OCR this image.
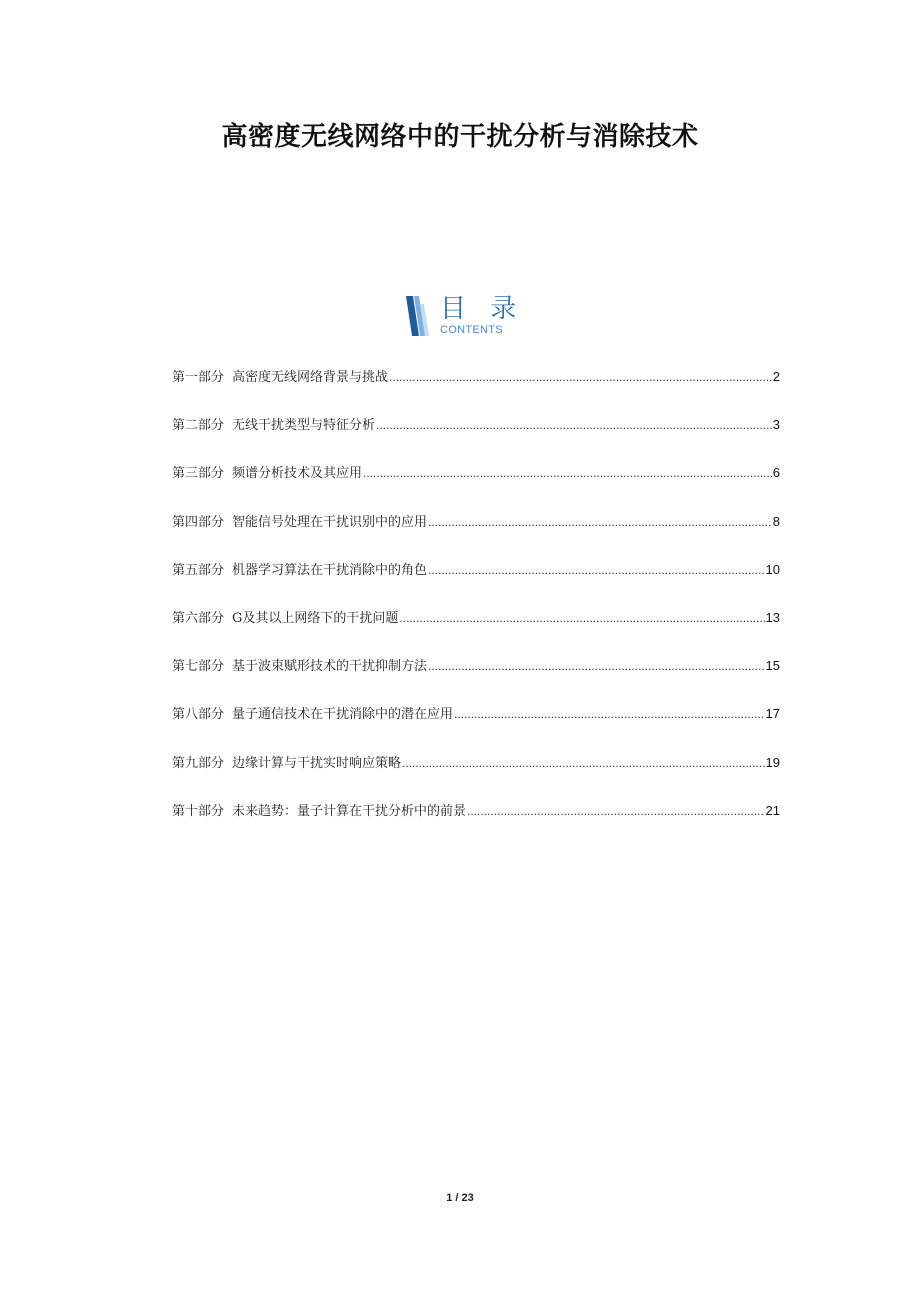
高密度无线网络中的干扰分析与消除技术
目 录
CONTENTS
第一部分 高密度无线网络背景与挑战 .....	2
第二部分 无线干扰类型与特征分析 .....	3
第三部分 频谱分析技术及其应用 .....	6
第四部分 智能信号处理在干扰识别中的应用 .....	8
第五部分 机器学习算法在干扰消除中的角色 .....	10
第六部分 G及其以上网络下的干扰问题 .....	13
第七部分 基于波束赋形技术的干扰抑制方法 .....	15
第八部分 量子通信技术在干扰消除中的潜在应用 .....	17
第九部分 边缘计算与干扰实时响应策略 .....	19
第十部分 未来趋势：量子计算在干扰分析中的前景 .....	21
1 / 23
